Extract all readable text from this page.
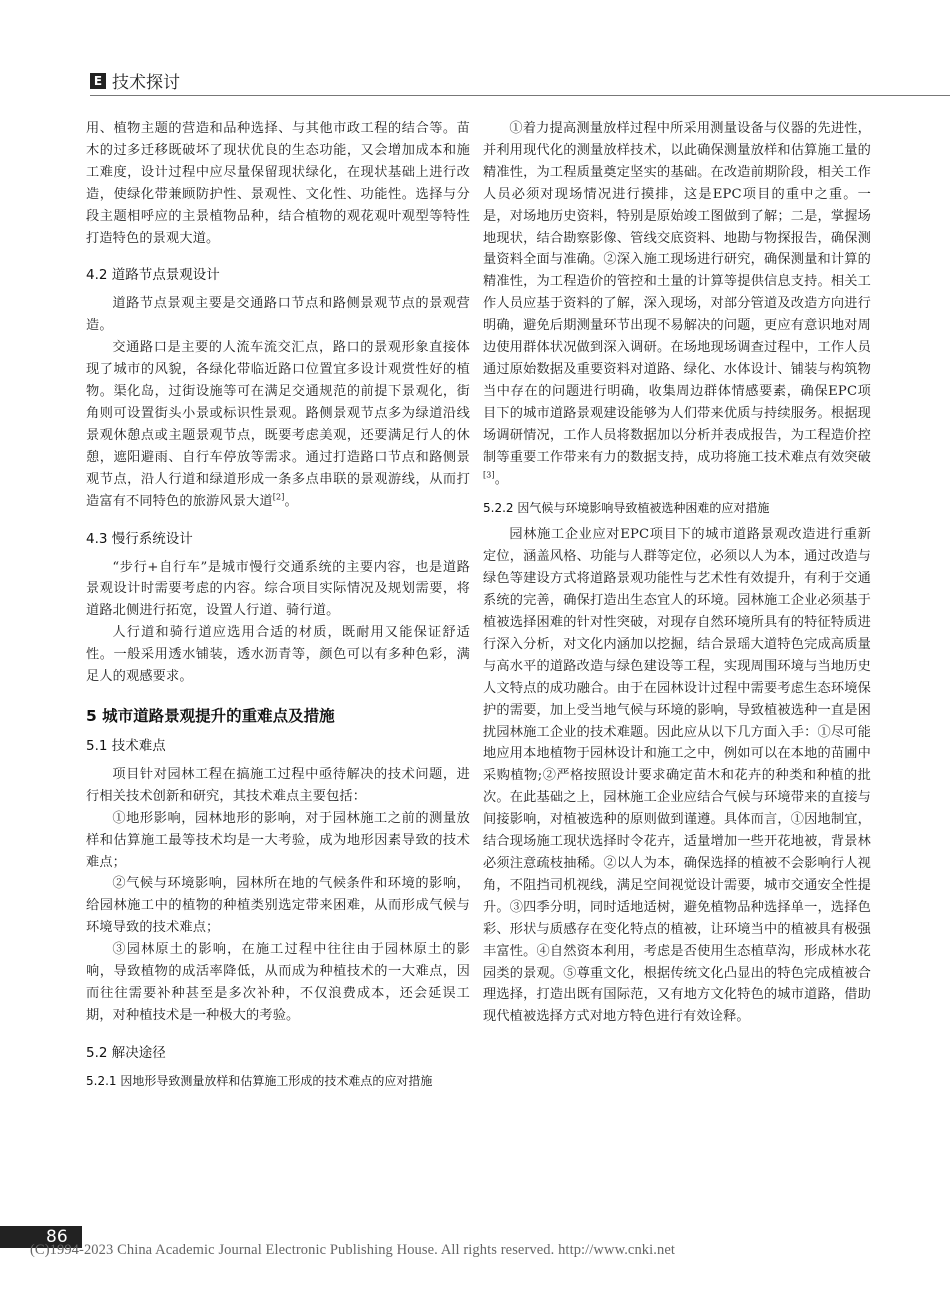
E 技术探讨

用、植物主题的营造和品种选择、与其他市政工程的结合等。苗木的过多迁移既破坏了现状优良的生态功能，又会增加成本和施工难度，设计过程中应尽量保留现状绿化，在现状基础上进行改造，使绿化带兼顾防护性、景观性、文化性、功能性。选择与分段主题相呼应的主景植物品种，结合植物的观花观叶观型等特性打造特色的景观大道。

4.2 道路节点景观设计

道路节点景观主要是交通路口节点和路侧景观节点的景观营造。

交通路口是主要的人流车流交汇点，路口的景观形象直接体现了城市的风貌，各绿化带临近路口位置宜多设计观赏性好的植物。渠化岛，过街设施等可在满足交通规范的前提下景观化，街角则可设置街头小景或标识性景观。路侧景观节点多为绿道沿线景观休憩点或主题景观节点，既要考虑美观，还要满足行人的休憩，遮阳避雨、自行车停放等需求。通过打造路口节点和路侧景观节点，沿人行道和绿道形成一条多点串联的景观游线，从而打造富有不同特色的旅游风景大道[2]。

4.3 慢行系统设计

“步行+自行车”是城市慢行交通系统的主要内容，也是道路景观设计时需要考虑的内容。综合项目实际情况及规划需要，将道路北侧进行拓宽，设置人行道、骑行道。

人行道和骑行道应选用合适的材质，既耐用又能保证舒适性。一般采用透水铺装，透水沥青等，颜色可以有多种色彩，满足人的观感要求。

5 城市道路景观提升的重难点及措施
5.1 技术难点

项目针对园林工程在搞施工过程中亟待解决的技术问题，进行相关技术创新和研究，其技术难点主要包括：

①地形影响，园林地形的影响，对于园林施工之前的测量放样和估算施工最等技术均是一大考验，成为地形因素导致的技术难点；

②气候与环境影响，园林所在地的气候条件和环境的影响，给园林施工中的植物的种植类别选定带来困难，从而形成气候与环境导致的技术难点；

③园林原土的影响，在施工过程中往往由于园林原土的影响，导致植物的成活率降低，从而成为种植技术的一大难点，因而往往需要补种甚至是多次补种，不仅浪费成本，还会延误工期，对种植技术是一种极大的考验。

5.2 解决途径
5.2.1 因地形导致测量放样和估算施工形成的技术难点的应对措施

①着力提高测量放样过程中所采用测量设备与仪器的先进性，并利用现代化的测量放样技术，以此确保测量放样和估算施工量的精准性，为工程质量奠定坚实的基础。在改造前期阶段，相关工作人员必须对现场情况进行摸排，这是EPC项目的重中之重。一是，对场地历史资料，特别是原始竣工图做到了解；二是，掌握场地现状，结合勘察影像、管线交底资料、地勘与物探报告，确保测量资料全面与准确。②深入施工现场进行研究，确保测量和计算的精准性，为工程造价的管控和土量的计算等提供信息支持。相关工作人员应基于资料的了解，深入现场，对部分管道及改造方向进行明确，避免后期测量环节出现不易解决的问题，更应有意识地对周边使用群体状况做到深入调研。在场地现场调查过程中，工作人员通过原始数据及重要资料对道路、绿化、水体设计、铺装与构筑物当中存在的问题进行明确，收集周边群体情感要素，确保EPC项目下的城市道路景观建设能够为人们带来优质与持续服务。根据现场调研情况，工作人员将数据加以分析并表成报告，为工程造价控制等重要工作带来有力的数据支持，成功将施工技术难点有效突破[3]。

5.2.2 因气候与环境影响导致植被选种困难的应对措施

园林施工企业应对EPC项目下的城市道路景观改造进行重新定位，涵盖风格、功能与人群等定位，必须以人为本，通过改造与绿色等建设方式将道路景观功能性与艺术性有效提升，有利于交通系统的完善，确保打造出生态宜人的环境。园林施工企业必须基于植被选择困难的针对性突破，对现存自然环境所具有的特征特质进行深入分析，对文化内涵加以挖掘，结合景瑶大道特色完成高质量与高水平的道路改造与绿色建设等工程，实现周围环境与当地历史人文特点的成功融合。由于在园林设计过程中需要考虑生态环境保护的需要，加上受当地气候与环境的影响，导致植被选种一直是困扰园林施工企业的技术难题。因此应从以下几方面入手：①尽可能地应用本地植物于园林设计和施工之中，例如可以在本地的苗圃中采购植物;②严格按照设计要求确定苗木和花卉的种类和种植的批次。在此基础之上，园林施工企业应结合气候与环境带来的直接与间接影响，对植被选种的原则做到谨遵。具体而言，①因地制宜，结合现场施工现状选择时令花卉，适量增加一些开花地被，背景林必须注意疏枝抽稀。②以人为本，确保选择的植被不会影响行人视角，不阻挡司机视线，满足空间视觉设计需要，城市交通安全性提升。③四季分明，同时适地适树，避免植物品种选择单一，选择色彩、形状与质感存在变化特点的植被，让环境当中的植被具有极强丰富性。④自然资本利用，考虑是否使用生态植草沟，形成林水花园类的景观。⑤尊重文化，根据传统文化凸显出的特色完成植被合理选择，打造出既有国际范，又有地方文化特色的城市道路，借助现代植被选择方式对地方特色进行有效诠释。

86
(C)1994-2023 China Academic Journal Electronic Publishing House. All rights reserved. http://www.cnki.net
